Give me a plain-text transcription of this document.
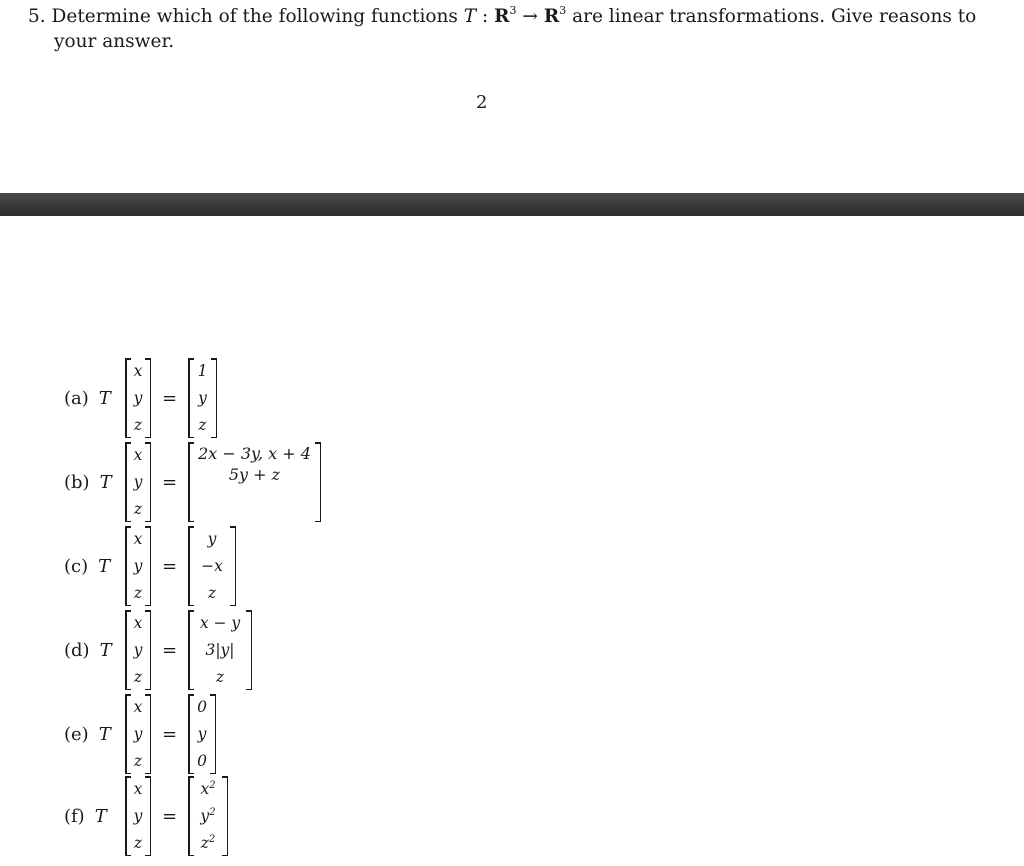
5. Determine which of the following functions T : $R^3 \to R^3$ are linear transformations. Give reasons to
your answer.
2
(a) T
x
y
z
=
1
y
z
(b) T
x
y
z
=
2x − 3y, x + 4
5y + z
(c) T
x
y
z
=
y
−x
z
(d) T
x
y
z
=
x − y
3|y|
z
(e) T
x
y
z
=
0
y
0
(f) T
x
y
z
=
$x^2$
$y^2$
$z^2$
